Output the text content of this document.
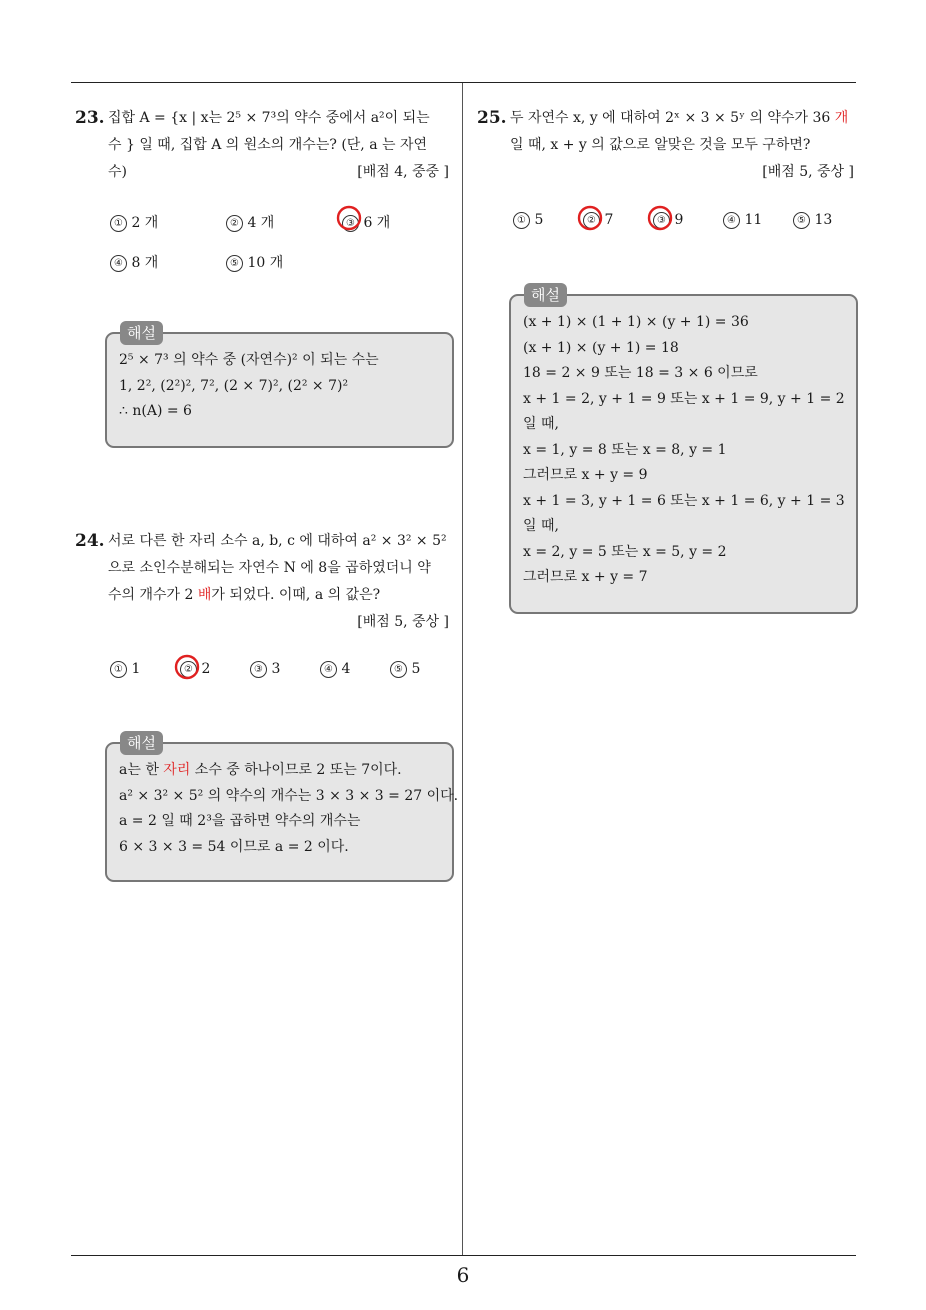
23. 집합 A = {x | x는 2⁵ × 7³의 약수 중에서 a²이 되는
수 } 일 때, 집합 A 의 원소의 개수는? (단, a 는 자연
수)	[배점 4, 중중 ]
① 2 개	② 4 개	③ 6 개
④ 8 개	⑤ 10 개
해설
2⁵ × 7³ 의 약수 중 (자연수)² 이 되는 수는
1, 2², (2²)², 7², (2 × 7)², (2² × 7)²
∴ n(A) = 6
24. 서로 다른 한 자리 소수 a, b, c 에 대하여 a² × 3² × 5²
으로 소인수분해되는 자연수 N 에 8을 곱하였더니 약
수의 개수가 2 배가 되었다. 이때, a 의 값은?
[배점 5, 중상 ]
① 1	② 2	③ 3	④ 4	⑤ 5
해설
a는 한 자리 소수 중 하나이므로 2 또는 7이다.
a² × 3² × 5² 의 약수의 개수는 3 × 3 × 3 = 27 이다.
a = 2 일 때 2³을 곱하면 약수의 개수는
6 × 3 × 3 = 54 이므로 a = 2 이다.
25. 두 자연수 x, y 에 대하여 2ˣ × 3 × 5ʸ 의 약수가 36 개
일 때, x + y 의 값으로 알맞은 것을 모두 구하면?
[배점 5, 중상 ]
① 5	② 7	③ 9	④ 11	⑤ 13
해설
(x + 1) × (1 + 1) × (y + 1) = 36
(x + 1) × (y + 1) = 18
18 = 2 × 9 또는 18 = 3 × 6 이므로
x + 1 = 2, y + 1 = 9 또는 x + 1 = 9, y + 1 = 2
일 때,
x = 1, y = 8 또는 x = 8, y = 1
그러므로 x + y = 9
x + 1 = 3, y + 1 = 6 또는 x + 1 = 6, y + 1 = 3
일 때,
x = 2, y = 5 또는 x = 5, y = 2
그러므로 x + y = 7
6
